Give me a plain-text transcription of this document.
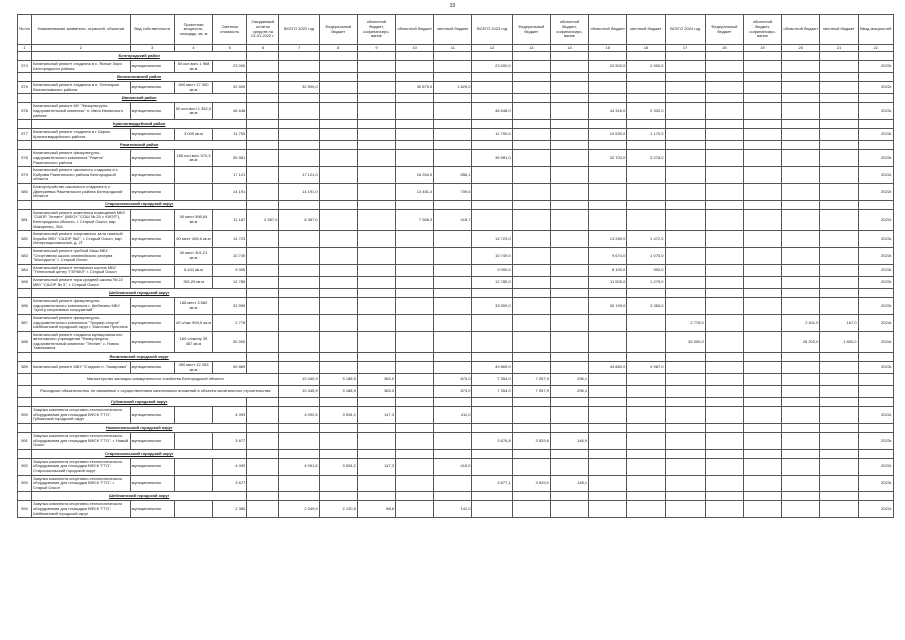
33
№ п/п	Наименование заявителя, отраслей, объектов	Вид собственности	Проектная мощность, площадь, кв. м	Сметная стоимость	Ожидаемый остаток средств на 01.01.2022 г.	ВСЕГО 2022 год	Федеральный бюджет	областной бюджет, софинансиро-вание	областной бюджет	местный бюджет	ВСЕГО 2023 год	Федеральный бюджет	областной бюджет, софинансиро-вание	областной бюджет	местный бюджет	ВСЕГО 2024 год	Федеральный бюджет	областной бюджет, софинансиро-вание	областной бюджет	местный бюджет	Ввод мощностей
1	2	3	4	5	6	7	8	9	10	11	12	13	14	15	16	17	18	19	20	21	22
	Белгородский район																				
574	Капитальный ремонт стадиона в с. Ясные Зори Белгородского района	муниципальная	50 кол-во/ч 1 968 кв.м	23 000							23 000,0			22 500,0	2 500,0						2023г.
	Волоконовский район																				
575	Капитальный ремонт стадиона в п. Пятницкое Волоконовского района	муниципальная	600 мест 17 300 кв.м	32 500		32 500,0			30 875,0	1 625,0											2022г.
	Ивнянский район																				
576	Капитальный ремонт МУ "Физкультурно-оздоровительный комплекс" п. Ивня Ивнянского района	муниципальная	50 кол-во/ч 1 352,0 кв.м	46 648							46 648,0			44 316,0	2 332,0						2023г.
	Красногвардейский район																				
577	Капитальный ремонт стадиона в г. Бирюч Красногвардейского района	муниципальная	3 000 кв.м	11 700							11 700,0			10 530,0	1 170,0						2023г.
	Ракитянский район																				
578	Капитальный ремонт физкультурно-оздоровительного комплекса "Ракета" Ракитянского района	муниципальная	165 кол-во/ч 970,3 кв.м	35 981							35 981,0			32 703,0	3 278,0						2023г.
579	Капитальный ремонт школьного стадиона в с. Бобрава Ракитянского района Белгородской области	муниципальная		17 121		17 121,0			16 264,0	856,1											2022г.
580	Благоустройство школьного стадиона в с. Дмитриевка Ракитянского района Белгородской области	муниципальная		14 191		14 191,0			13 481,4	709,6											2022г.
	Старооскольский городской округ																				
581	Капитальный ремонт комплекса помещений МБУ "СШОР "Атлант" (МБОУ "СОШ № 25 с УИОП"), Белгородская область, г. Старый Оскол, мкр Макаренко, 30А	муниципальная	50 мест 598,64 кв.м	11 187	2 387,0	8 387,0			7 968,3	418,7											2022г.
582	Капитальный ремонт спортивного зала тяжелой борьбы МБУ "СШОР №2", г. Старый Оскол, мкр Интернациональный, д. 2Г	муниципальная	60 мест 428,6 кв.м	14 723							14 723,0			13 289,0	1 472,0						2023г.
583	Капитальный ремонт гребной базы МБУ "Спортивная школа олимпийского резерва "Молодость" г. Старый Оскол	муниципальная	40 мест 301,21 кв.м	10 749							10 749,0			9 674,0	1 075,0						2023г.
584	Капитальный ремонт теннисных кортов МБУ "Теннисный центр "ГЕРАКЛ" г. Старый Оскол	муниципальная	6 441 кв.м	9 000							9 000,0			8 100,0	900,0						2023г.
585	Капитальный ремонт тира средней школы № 22 МБУ "СШОР № 3", г. Старый Оскол	муниципальная	765,29 кв.м	12 785							12 785,0			11 505,0	1 279,0						2023г.
	Шебекинский городской округ																				
586	Капитальный ремонт физкультурно-оздоровительного комплекса г. Шебекино МБУ "Центр спортивных сооружений"	муниципальная	188 мест 3 682 кв.м	33 559							33 559,0			30 199,0	3 360,0						2023г.
587	Капитальный ремонт физкультурно-оздоровительного комплекса "Триумф спорта" Шебекинский городской округ г. Маслова Пристань	муниципальная	40 ч/час 994,5 кв.м	2 778												2 778,0			2 611,0	167,0	2024г.
588	Капитальный ремонт стадиона муниципального автономного учреждения "Физкультурно-оздоровительный комплекс "Теплин" с. Новая Таволжанка	муниципальная	160 ч/смену 35 467 кв.м	30 000												30 000,0			28 200,0	1 800,0	2024г.
	Яковлевский городской округ																				
589	Капитальный ремонт МБУ "Стадион п. Томаровка"	муниципальная	350 мест 12 283 кв.м	49 869							49 869,0			44 882,0	4 987,0						2023г.
	Министерство жилищно-коммунального хозяйства Белгородской области					10 445,9	9 188,9	383,0		873,0	7 354,0	7 057,9	296,1								
	Расходные обязательства, не связанные с осуществлением капитальных вложений в объекты капитального строительства					10 445,9	9 188,9	383,0		873,0	7 354,0	7 057,9	296,1								
	Губкинский городской округ																				
590	Закупка комплекта спортивно-технологического оборудования для площадки ВФСК "ГТО", Губкинский городской округ	муниципальная		4 093		4 092,5	3 534,2	147,3		411,0											2022г.
	Новооскольский городской округ																				
591	Закупка комплекта спортивно-технологического оборудования для площадки ВФСК "ГТО", г. Новый Оскол	муниципальная		3 677							3 676,8	3 529,6	146,9								2023г.
	Старооскольский городской округ																				
592	Закупка комплекта спортивно-технологического оборудования для площадки ВФСК "ГТО", Старооскольский городской округ	муниципальная		4 092		4 091,5	3 534,2	147,3		410,0											2022г.
593	Закупка комплекта спортивно-технологического оборудования для площадки ВФСК "ГТО", г. Старый Оскол	муниципальная		3 677							3 677,1	3 529,0	148,1								2023г.
	Шебекинский городской округ																				
594	Закупка комплекта спортивно-технологического оборудования для площадки ВФСК "ГТО", Шебекинский городской округ	муниципальная		2 350		2 349,9	2 120,5	88,6		141,0											2022г.
